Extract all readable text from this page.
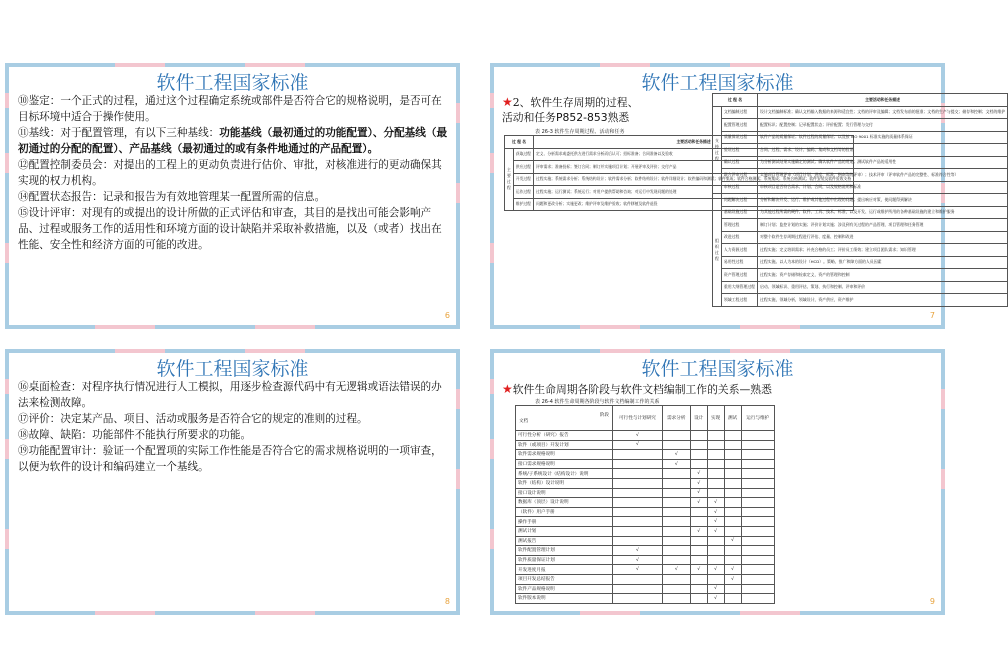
软件工程国家标准

⑩鉴定：一个正式的过程，通过这个过程确定系统或部件是否符合它的规格说明，是否可在目标环境中适合于操作使用。

⑪基线：对于配置管理，有以下三种基线：功能基线（最初通过的功能配置）、分配基线（最初通过的分配的配置）、产品基线（最初通过的或有条件地通过的产品配置）。

⑫配置控制委员会：对提出的工程上的更动负责进行估价、审批，对核准进行的更动确保其实现的权力机构。

⑭配置状态报告：记录和报告为有效地管理某一配置所需的信息。

⑮设计评审：对现有的或提出的设计所做的正式评估和审查，其目的是找出可能会影响产品、过程或服务工作的适用性和环境方面的设计缺陷并采取补救措施，以及（或者）找出在性能、安全性和经济方面的可能的改进。

6
软件工程国家标准
★2、软件生存周期的过程、
活动和任务P852-853熟悉
表 26-3 软件生存周期过程、活动和任务
过 程 名		主要活动和任务描述
主要过程	获取过程	定义、分析需求或委托供方进行需求分析而后认可；招标准备；合同准备以及验收
	供应过程	评审需求；准备投标；签订合同；制订并实施项目计划；开展评审及评价；交付产品
	开发过程	过程实施；系统需求分析；系统结构设计；软件需求分析；软件结构设计；软件详细设计；软件编码和测试；软件集成；软件合格测试；系统集成；系统合格测试；软件安装及软件验收支持
	运作过程	过程实施；运行测试；系统运行；对用户提供帮助和咨询；对运行中发现问题的处理
	维护过程	问题和更改分析；实施更改；维护评审及维护验收；软件移植及软件退役
过 程 名		主要活动和任务描述
支持过程	文档编制过程	设计文档编制标准；确认文档输入数据的来源和适宜性；文档的评审及编辑；文档发布前的批准；文档的生产与提交；储存和控制；文档的维护
	配置管理过程	配置标识；配置控制；记录配置状态；评价配置；发行管理与交付
	质量保证过程	软件产品的质量保证；软件过程的质量保证；以及按 ISO 9001 标准实施的质量体系保证
	验证过程	合同、过程、需求、设计、编码、集成和文档等的验证
	确认过程	为分析测试结果实施确定的测试；确认软件产品的用途；测试软件产品的适用性
	联合评审过程	实施项目管理评审（项目计划、进度、标准、指南等的评审）；技术评审（评审软件产品的完整性、标准符合性等）
	审核过程	审核项目是否符合需求、计划、合同，以及规格说明和标准
组织过程	问题解决过程	分析和解决开发、运行、维护或其他过程中出现的问题；提出响应对策，使问题得到解决
	基础设施过程	为其他过程所需的硬件、软件、工具、技术、标准，以及开发、运行或维护所用的各种基础设施的建立和维护服务
	管理过程	制订计划；监控计划的实施；评价计划实施；涉及到有关过程的产品管理、项目管理和任务管理
	改进过程	对整个软件生存周期过程进行评估、度量、控制和改进
	人力资源过程	过程实施；定义培训需求；补充合格的员工；评价员工绩效；建立项目团队需求；知识管理
	易用性过程	过程实施。以人为本的设计（HCD）。策略、推广和障方面的人员因素
	资产管理过程	过程实施；资产存储和检索定义，资产的管理和控制
	重用大纲管理过程	启动、领域标识、重用评估、策划、执行和控制、评审和评价
	领域工程过程	过程实施，领域分析，领域设计，资产供应，资产维护
7
软件工程国家标准

⑯桌面检查：对程序执行情况进行人工模拟，用逐步检查源代码中有无逻辑或语法错误的办法来检测故障。

⑰评价：决定某产品、项目、活动或服务是否符合它的规定的准则的过程。

⑱故障、缺陷：功能部件不能执行所要求的功能。

⑲功能配置审计：验证一个配置项的实际工作性能是否符合它的需求规格说明的一项审查，以便为软件的设计和编码建立一个基线。

8
软件工程国家标准
★软件生命周期各阶段与软件文档编制工作的关系—熟悉
表 26-4 软件生命周期各阶段与软件文档编制工作的关系
阶段
文档	可行性与计划研究	需求分析	设计	实现	测试	运行与维护
可行性分析（研究）报告	√					
软件（或项目）开发计划	√					
软件需求规格说明		√				
接口需求规格说明		√				
系统/子系统设计（结构设计）说明			√			
软件（结构）设计说明			√			
接口设计说明			√			
数据库（顶层）设计说明			√	√		
（软件）用户手册				√		
操作手册				√		
测试计划			√	√		
测试报告					√	
软件配置管理计划	√					
软件质量保证计划	√					
开发进度月报	√	√	√	√	√	
项目开发总结报告					√	
软件产品规格说明				√		
软件版本说明				√			9
